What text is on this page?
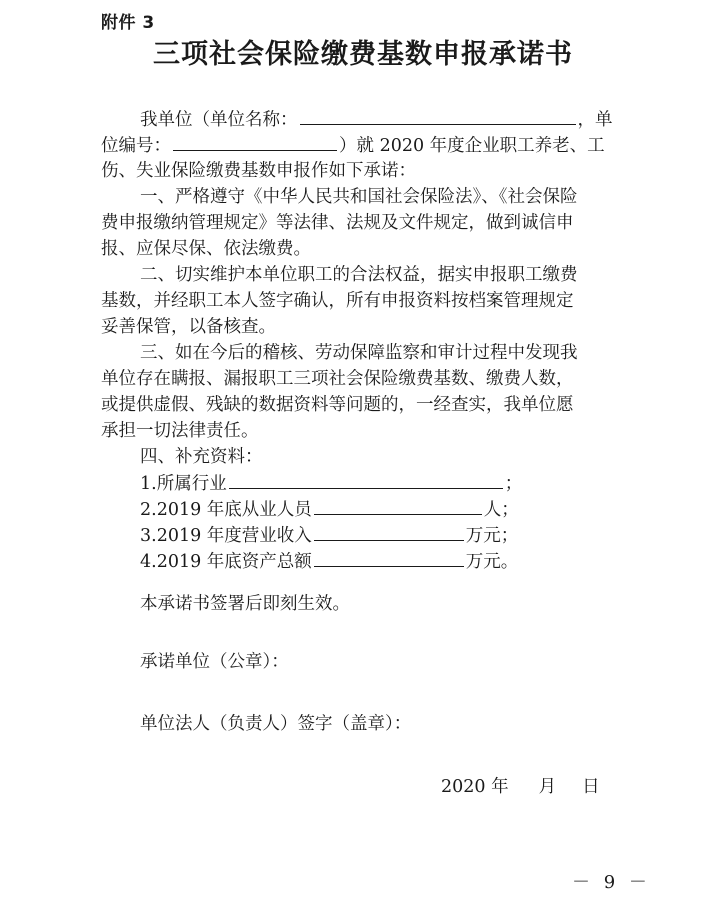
附件 3
三项社会保险缴费基数申报承诺书
我单位（单位名称：	，单
位编号：	）就 2020 年度企业职工养老、工
伤、失业保险缴费基数申报作如下承诺：
一、严格遵守《中华人民共和国社会保险法》、《社会保险
费申报缴纳管理规定》等法律、法规及文件规定，做到诚信申
报、应保尽保、依法缴费。
二、切实维护本单位职工的合法权益，据实申报职工缴费
基数，并经职工本人签字确认，所有申报资料按档案管理规定
妥善保管，以备核查。
三、如在今后的稽核、劳动保障监察和审计过程中发现我
单位存在瞒报、漏报职工三项社会保险缴费基数、缴费人数，
或提供虚假、残缺的数据资料等问题的，一经查实，我单位愿
承担一切法律责任。
四、补充资料：
1.所属行业	；
2.2019 年底从业人员	人；
3.2019 年度营业收入	万元；
4.2019 年底资产总额	万元。
本承诺书签署后即刻生效。
承诺单位（公章）：
单位法人（负责人）签字（盖章）：
2020 年 月 日
－ 9 －
